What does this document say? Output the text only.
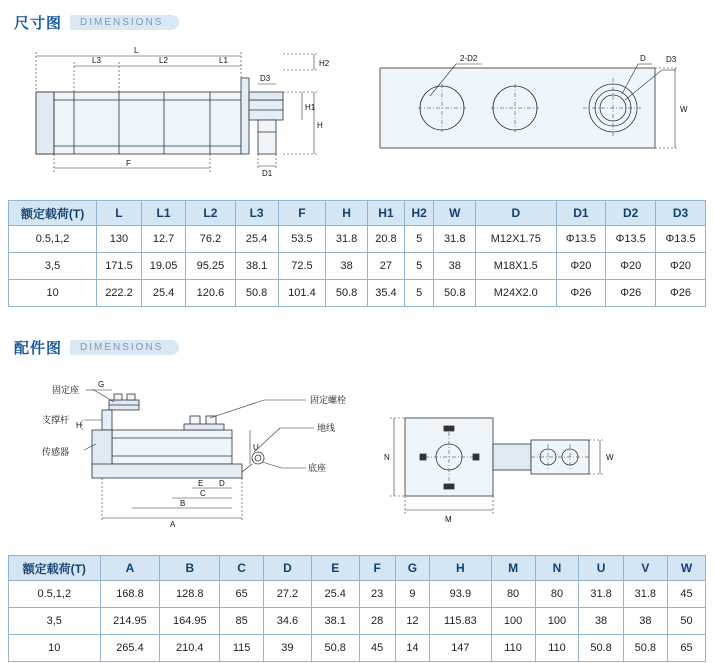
尺寸图	DIMENSIONS
L3
L
L2	L1	H2
D3
H1
H
F
D1
2-D2	D	D3
W
额定载荷(T)	L	L1	L2	L3	F	H	H1	H2	W	D	D1	D2	D3
0.5,1,2	130	12.7	76.2	25.4	53.5	31.8	20.8	5	31.8	M12X1.75	Φ13.5	Φ13.5	Φ13.5
3,5	171.5	19.05	95.25	38.1	72.5	38	27	5	38	M18X1.5	Φ20	Φ20	Φ20
10	222.2	25.4	120.6	50.8	101.4	50.8	35.4	5	50.8	M24X2.0	Φ26	Φ26	Φ26
配件图	DIMENSIONS
固定座
支撑杆
传感器
固定螺栓
地线
底座
G
H
E D
C
B
A
U
N
M
W
额定载荷(T)	A	B	C	D	E	F	G	H	M	N	U	V	W
0.5,1,2	168.8	128.8	65	27.2	25.4	23	9	93.9	80	80	31.8	31.8	45
3,5	214.95	164.95	85	34.6	38.1	28	12	115.83	100	100	38	38	50
10	265.4	210.4	115	39	50.8	45	14	147	110	110	50.8	50.8	65
